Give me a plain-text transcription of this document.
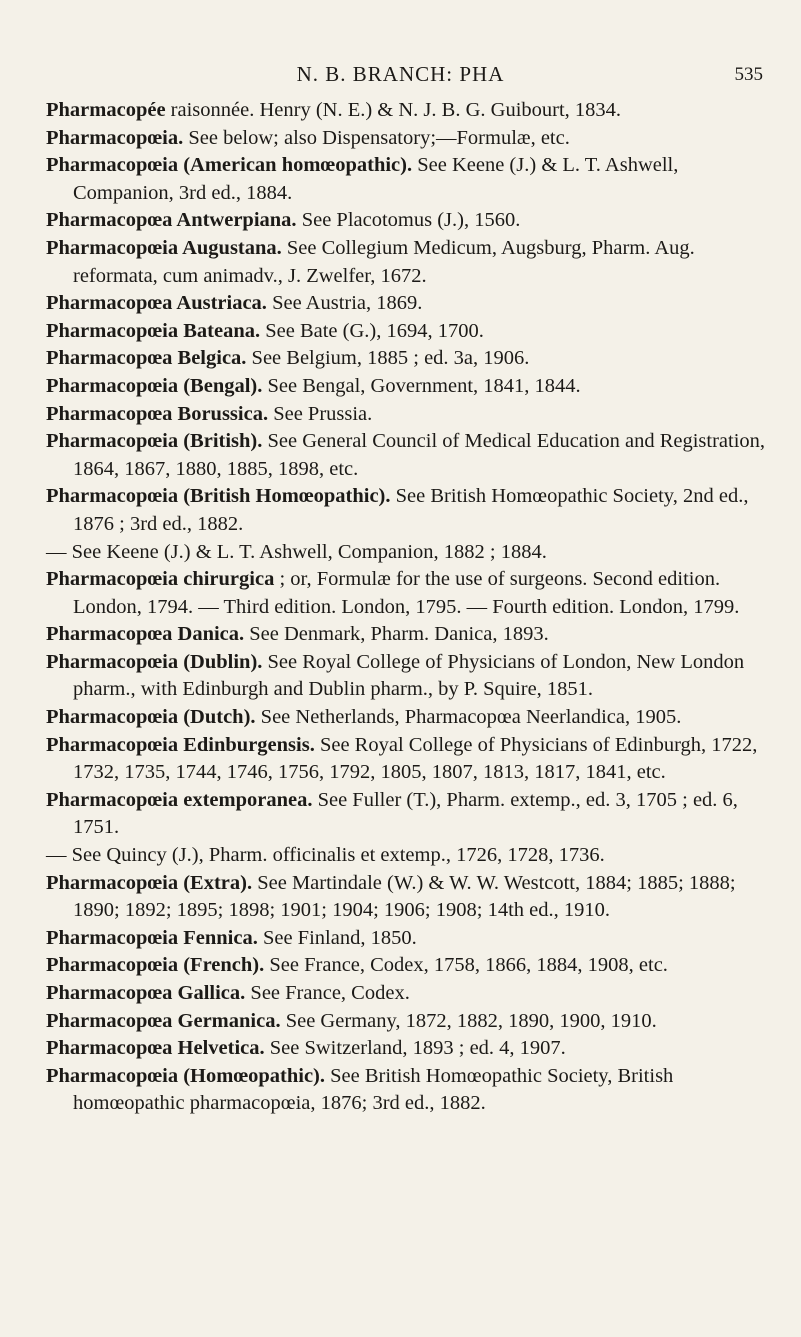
N. B. BRANCH: PHA	535
Pharmacopée raisonnée. Henry (N. E.) & N. J. B. G. Guibourt, 1834.
Pharmacopœia. See below; also Dispensatory;—Formulæ, etc.
Pharmacopœia (American homœopathic). See Keene (J.) & L. T. Ashwell, Companion, 3rd ed., 1884.
Pharmacopœa Antwerpiana. See Placotomus (J.), 1560.
Pharmacopœia Augustana. See Collegium Medicum, Augsburg, Pharm. Aug. reformata, cum animadv., J. Zwelfer, 1672.
Pharmacopœa Austriaca. See Austria, 1869.
Pharmacopœia Bateana. See Bate (G.), 1694, 1700.
Pharmacopœa Belgica. See Belgium, 1885 ; ed. 3a, 1906.
Pharmacopœia (Bengal). See Bengal, Government, 1841, 1844.
Pharmacopœa Borussica. See Prussia.
Pharmacopœia (British). See General Council of Medical Education and Registration, 1864, 1867, 1880, 1885, 1898, etc.
Pharmacopœia (British Homœopathic). See British Homœopathic Society, 2nd ed., 1876 ; 3rd ed., 1882.
— See Keene (J.) & L. T. Ashwell, Companion, 1882 ; 1884.
Pharmacopœia chirurgica ; or, Formulæ for the use of surgeons. Second edition. London, 1794. — Third edition. London, 1795. — Fourth edition. London, 1799.
Pharmacopœa Danica. See Denmark, Pharm. Danica, 1893.
Pharmacopœia (Dublin). See Royal College of Physicians of London, New London pharm., with Edinburgh and Dublin pharm., by P. Squire, 1851.
Pharmacopœia (Dutch). See Netherlands, Pharmacopœa Neerlandica, 1905.
Pharmacopœia Edinburgensis. See Royal College of Physicians of Edinburgh, 1722, 1732, 1735, 1744, 1746, 1756, 1792, 1805, 1807, 1813, 1817, 1841, etc.
Pharmacopœia extemporanea. See Fuller (T.), Pharm. extemp., ed. 3, 1705 ; ed. 6, 1751.
— See Quincy (J.), Pharm. officinalis et extemp., 1726, 1728, 1736.
Pharmacopœia (Extra). See Martindale (W.) & W. W. Westcott, 1884; 1885; 1888; 1890; 1892; 1895; 1898; 1901; 1904; 1906; 1908; 14th ed., 1910.
Pharmacopœia Fennica. See Finland, 1850.
Pharmacopœia (French). See France, Codex, 1758, 1866, 1884, 1908, etc.
Pharmacopœa Gallica. See France, Codex.
Pharmacopœa Germanica. See Germany, 1872, 1882, 1890, 1900, 1910.
Pharmacopœa Helvetica. See Switzerland, 1893 ; ed. 4, 1907.
Pharmacopœia (Homœopathic). See British Homœopathic Society, British homœopathic pharmacopœia, 1876; 3rd ed., 1882.
